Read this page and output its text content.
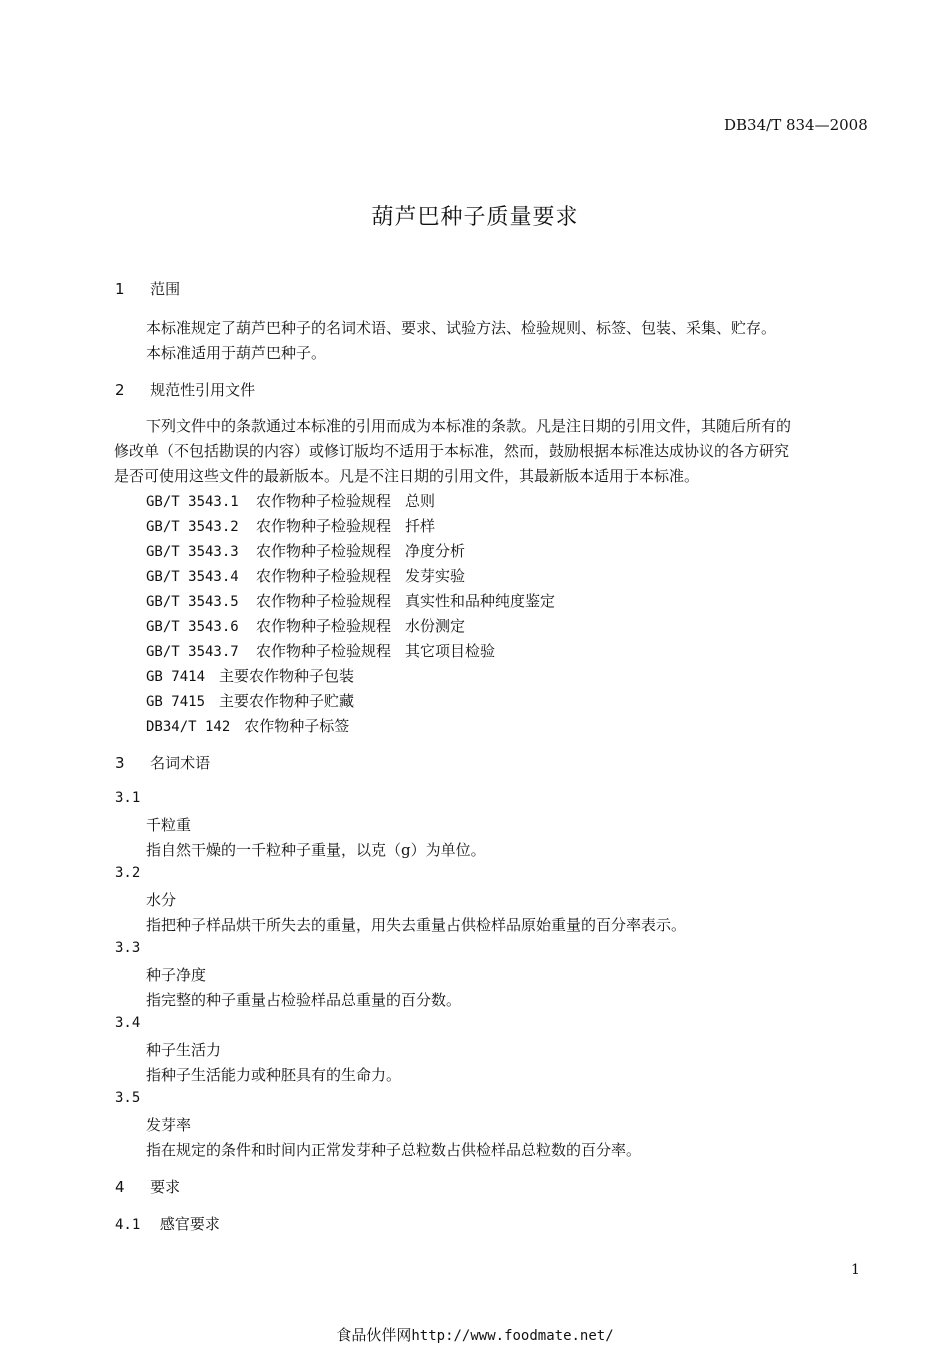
DB34/T 834—2008
葫芦巴种子质量要求
1 范围
本标准规定了葫芦巴种子的名词术语、要求、试验方法、检验规则、标签、包装、采集、贮存。
本标准适用于葫芦巴种子。
2 规范性引用文件
下列文件中的条款通过本标准的引用而成为本标准的条款。凡是注日期的引用文件，其随后所有的
修改单（不包括勘误的内容）或修订版均不适用于本标准，然而，鼓励根据本标准达成协议的各方研究
是否可使用这些文件的最新版本。凡是不注日期的引用文件，其最新版本适用于本标准。
GB/T 3543.1 农作物种子检验规程 总则
GB/T 3543.2 农作物种子检验规程 扦样
GB/T 3543.3 农作物种子检验规程 净度分析
GB/T 3543.4 农作物种子检验规程 发芽实验
GB/T 3543.5 农作物种子检验规程 真实性和品种纯度鉴定
GB/T 3543.6 农作物种子检验规程 水份测定
GB/T 3543.7 农作物种子检验规程 其它项目检验
GB 7414 主要农作物种子包装
GB 7415 主要农作物种子贮藏
DB34/T 142 农作物种子标签
3 名词术语
3.1
千粒重
指自然干燥的一千粒种子重量，以克（g）为单位。
3.2
水分
指把种子样品烘干所失去的重量，用失去重量占供检样品原始重量的百分率表示。
3.3
种子净度
指完整的种子重量占检验样品总重量的百分数。
3.4
种子生活力
指种子生活能力或种胚具有的生命力。
3.5
发芽率
指在规定的条件和时间内正常发芽种子总粒数占供检样品总粒数的百分率。
4 要求
4.1 感官要求
1
食品伙伴网http://www.foodmate.net/
